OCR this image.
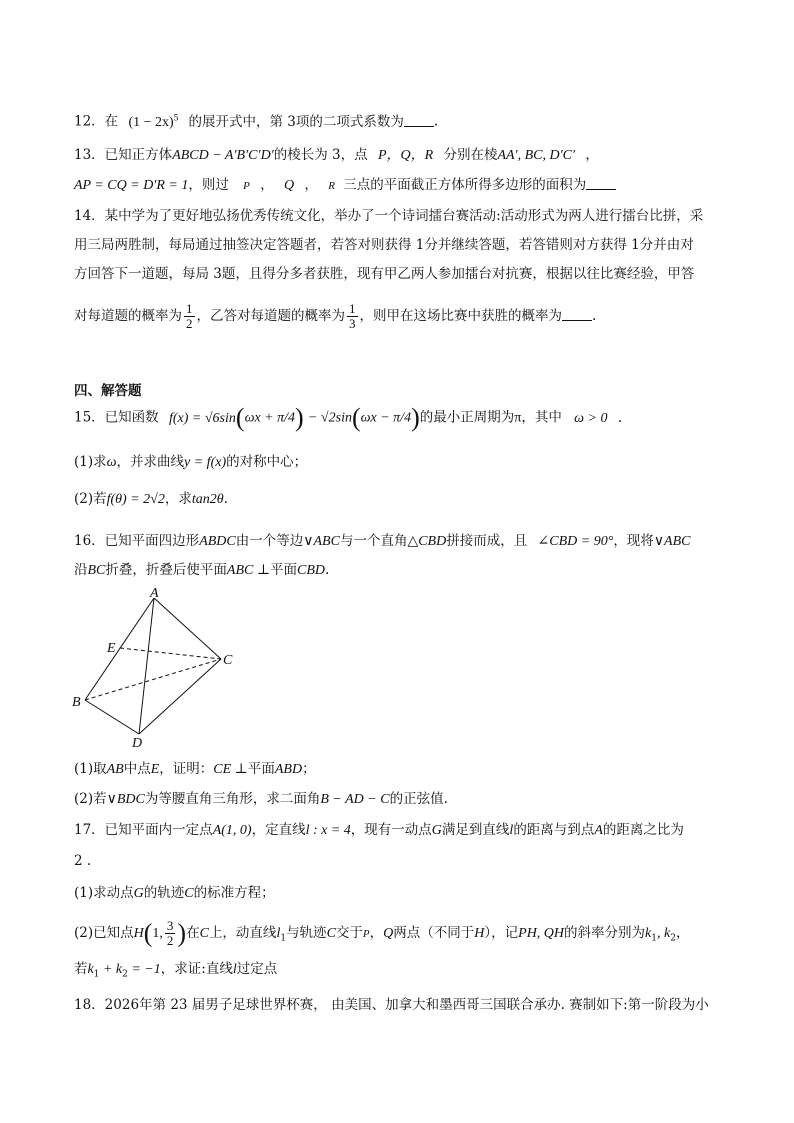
12．在 $(1 - 2x)^5$ 的展开式中，第 3项的二项式系数为 .
13．已知正方体ABCD − A′B′C′D′的棱长为 3，点 P，Q，R 分别在棱AA′, BC, D′C′ ，
AP = CQ = D′R = 1，则过 P ， Q ， R 三点的平面截正方体所得多边形的面积为
14．某中学为了更好地弘扬优秀传统文化，举办了一个诗词擂台赛活动:活动形式为两人进行擂台比拼，采
用三局两胜制，每局通过抽签决定答题者，若答对则获得 1分并继续答题，若答错则对方获得 1分并由对
方回答下一道题，每局 3题，且得分多者获胜，现有甲乙两人参加擂台对抗赛，根据以往比赛经验，甲答
对每道题的概率为 $\frac{1}{2}$ ，乙答对每道题的概率为 $\frac{1}{3}$ ，则甲在这场比赛中获胜的概率为 .
四、解答题
15．已知函数 f(x) = √6sin(ωx + π/4) − √2sin(ωx − π/4)的最小正周期为π，其中 ω > 0 .
(1)求ω，并求曲线y = f(x)的对称中心；
(2)若f(θ) = 2√2，求tan2θ.
16．已知平面四边形ABDC由一个等边∨ABC与一个直角△CBD拼接而成，且 ∠CBD = 90°，现将∨ABC
沿BC折叠，折叠后使平面ABC ⊥平面CBD.
A
E
C
B
D
(1)取AB中点E，证明：CE ⊥平面ABD；
(2)若∨BDC为等腰直角三角形，求二面角B − AD − C的正弦值.
17．已知平面内一定点A(1, 0)，定直线l : x = 4，现有一动点G满足到直线l的距离与到点A的距离之比为
2 .
(1)求动点G的轨迹C的标准方程；
(2)已知点H(1, $\frac{3}{2}$ )在C上，动直线$l_1$与轨迹C交于P，Q两点（不同于H），记PH, QH的斜率分别为$k_1$, $k_2$，
若$k_1 + k_2 = -1$，求证:直线l过定点
18．2026年第 23 届男子足球世界杯赛， 由美国、加拿大和墨西哥三国联合承办. 赛制如下:第一阶段为小
